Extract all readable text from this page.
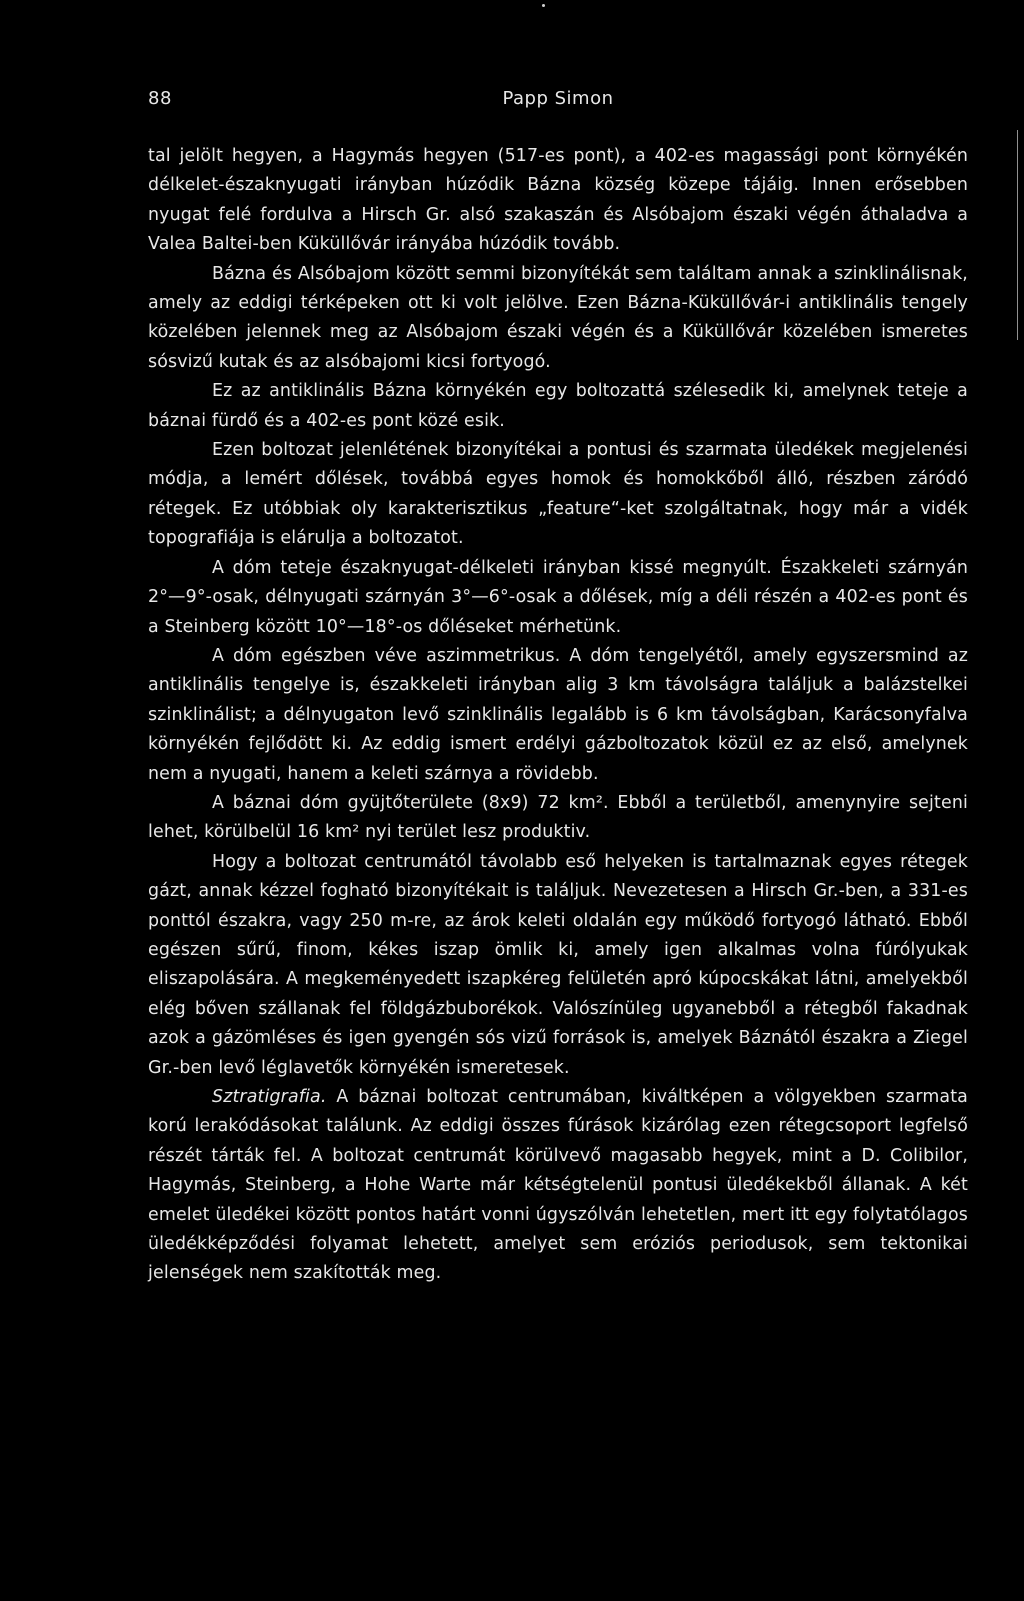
88	Papp Simon

tal jelölt hegyen, a Hagymás hegyen (517-es pont), a 402-es magassági pont környékén délkelet-északnyugati irányban húzódik Bázna község közepe tájáig. Innen erősebben nyugat felé fordulva a Hirsch Gr. alsó szakaszán és Alsóbajom északi végén áthaladva a Valea Baltei-ben Küküllővár irányába húzódik tovább.

Bázna és Alsóbajom között semmi bizonyítékát sem találtam annak a szinklinálisnak, amely az eddigi térképeken ott ki volt jelölve. Ezen Bázna-Küküllővár-i antiklinális tengely közelében jelennek meg az Alsóbajom északi végén és a Küküllővár közelében ismeretes sósvizű kutak és az alsóbajomi kicsi fortyogó.

Ez az antiklinális Bázna környékén egy boltozattá szélesedik ki, amelynek teteje a báznai fürdő és a 402-es pont közé esik.

Ezen boltozat jelenlétének bizonyítékai a pontusi és szarmata üledékek megjelenési módja, a lemért dőlések, továbbá egyes homok és homokkőből álló, részben záródó rétegek. Ez utóbbiak oly karakterisztikus „feature“-ket szolgáltatnak, hogy már a vidék topografiája is elárulja a boltozatot.

A dóm teteje északnyugat-délkeleti irányban kissé megnyúlt. Északkeleti szárnyán 2°—9°-osak, délnyugati szárnyán 3°—6°-osak a dőlések, míg a déli részén a 402-es pont és a Steinberg között 10°—18°-os dőléseket mérhetünk.

A dóm egészben véve aszimmetrikus. A dóm tengelyétől, amely egyszersmind az antiklinális tengelye is, északkeleti irányban alig 3 km távolságra találjuk a balázstelkei szinklinálist; a délnyugaton levő szinklinális legalább is 6 km távolságban, Karácsonyfalva környékén fejlődött ki. Az eddig ismert erdélyi gázboltozatok közül ez az első, amelynek nem a nyugati, hanem a keleti szárnya a rövidebb.

A báznai dóm gyüjtőterülete (8x9) 72 km². Ebből a területből, amenynyire sejteni lehet, körülbelül 16 km² nyi terület lesz produktiv.

Hogy a boltozat centrumától távolabb eső helyeken is tartalmaznak egyes rétegek gázt, annak kézzel fogható bizonyítékait is találjuk. Nevezetesen a Hirsch Gr.-ben, a 331-es ponttól északra, vagy 250 m-re, az árok keleti oldalán egy működő fortyogó látható. Ebből egészen sűrű, finom, kékes iszap ömlik ki, amely igen alkalmas volna fúrólyukak eliszapolására. A megkeményedett iszapkéreg felületén apró kúpocskákat látni, amelyekből elég bőven szállanak fel földgázbuborékok. Valószínüleg ugyanebből a rétegből fakadnak azok a gázömléses és igen gyengén sós vizű források is, amelyek Báznától északra a Ziegel Gr.-ben levő léglavetők környékén ismeretesek.

Sztratigrafia. A báznai boltozat centrumában, kiváltképen a völgyekben szarmata korú lerakódásokat találunk. Az eddigi összes fúrások kizárólag ezen rétegcsoport legfelső részét tárták fel. A boltozat centrumát körülvevő magasabb hegyek, mint a D. Colibilor, Hagymás, Steinberg, a Hohe Warte már kétségtelenül pontusi üledékekből állanak. A két emelet üledékei között pontos határt vonni úgyszólván lehetetlen, mert itt egy folytatólagos üledékképződési folyamat lehetett, amelyet sem eróziós periodusok, sem tektonikai jelenségek nem szakították meg.
